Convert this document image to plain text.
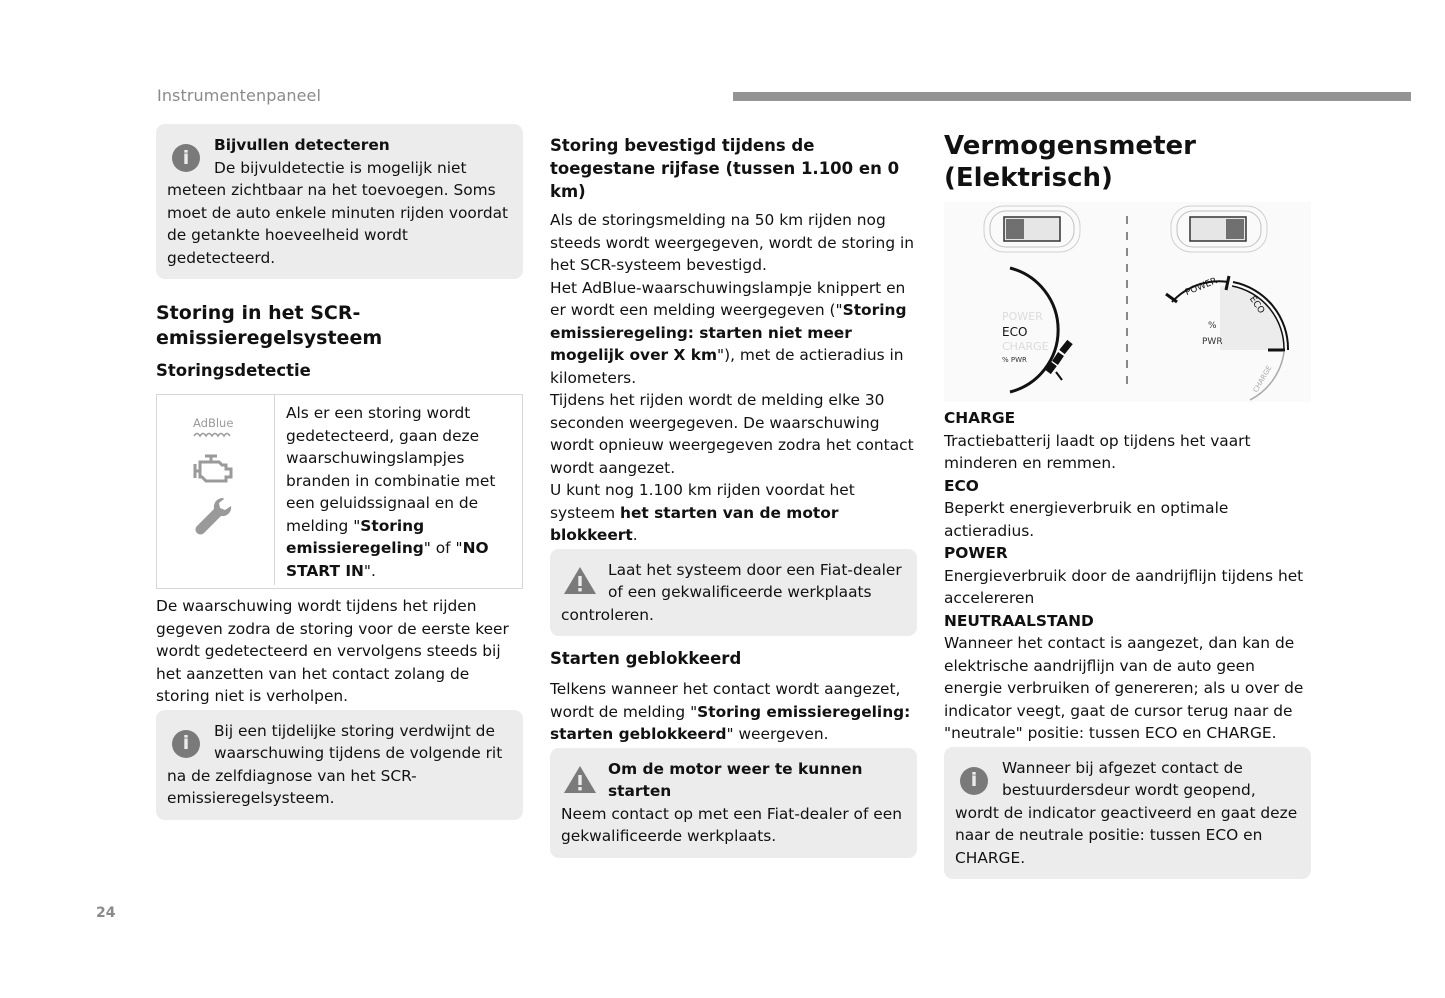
Instrumentenpaneel
i

Bijvullen detecteren
De bijvuldetectie is mogelijk niet meteen zichtbaar na het toevoegen. Soms moet de auto enkele minuten rijden voordat de getankte hoeveelheid wordt gedetecteerd.

Storing in het SCR-emissieregelsysteem
Storingsdetectie
AdBlue
Als er een storing wordt gedetecteerd, gaan deze waarschuwingslampjes branden in combinatie met een geluidssignaal en de melding "Storing emissieregeling" of "NO START IN".

De waarschuwing wordt tijdens het rijden gegeven zodra de storing voor de eerste keer wordt gedetecteerd en vervolgens steeds bij het aanzetten van het contact zolang de storing niet is verholpen.

i

Bij een tijdelijke storing verdwijnt de waarschuwing tijdens de volgende rit na de zelfdiagnose van het SCR-emissieregelsysteem.

Storing bevestigd tijdens de toegestane rijfase (tussen 1.100 en 0 km)

Als de storingsmelding na 50 km rijden nog steeds wordt weergegeven, wordt de storing in het SCR-systeem bevestigd.

Het AdBlue-waarschuwingslampje knippert en er wordt een melding weergegeven ("Storing emissieregeling: starten niet meer mogelijk over X km"), met de actieradius in kilometers.

Tijdens het rijden wordt de melding elke 30 seconden weergegeven. De waarschuwing wordt opnieuw weergegeven zodra het contact wordt aangezet.

U kunt nog 1.100 km rijden voordat het systeem het starten van de motor blokkeert.

Laat het systeem door een Fiat-dealer of een gekwalificeerde werkplaats controleren.

Starten geblokkeerd

Telkens wanneer het contact wordt aangezet, wordt de melding "Storing emissieregeling: starten geblokkeerd" weergeven.

Om de motor weer te kunnen starten
Neem contact op met een Fiat-dealer of een gekwalificeerde werkplaats.

Vermogensmeter (Elektrisch)
POWER
ECO
CHARGE
% PWR
POWER
ECO
CHARGE
%
PWR
CHARGE
Tractiebatterij laadt op tijdens het vaart minderen en remmen.
ECO
Beperkt energieverbruik en optimale actieradius.
POWER
Energieverbruik door de aandrijflijn tijdens het accelereren
NEUTRAALSTAND
Wanneer het contact is aangezet, dan kan de elektrische aandrijflijn van de auto geen energie verbruiken of genereren; als u over de indicator veegt, gaat de cursor terug naar de "neutrale" positie: tussen ECO en CHARGE.
i

Wanneer bij afgezet contact de bestuurdersdeur wordt geopend, wordt de indicator geactiveerd en gaat deze naar de neutrale positie: tussen ECO en CHARGE.

24
